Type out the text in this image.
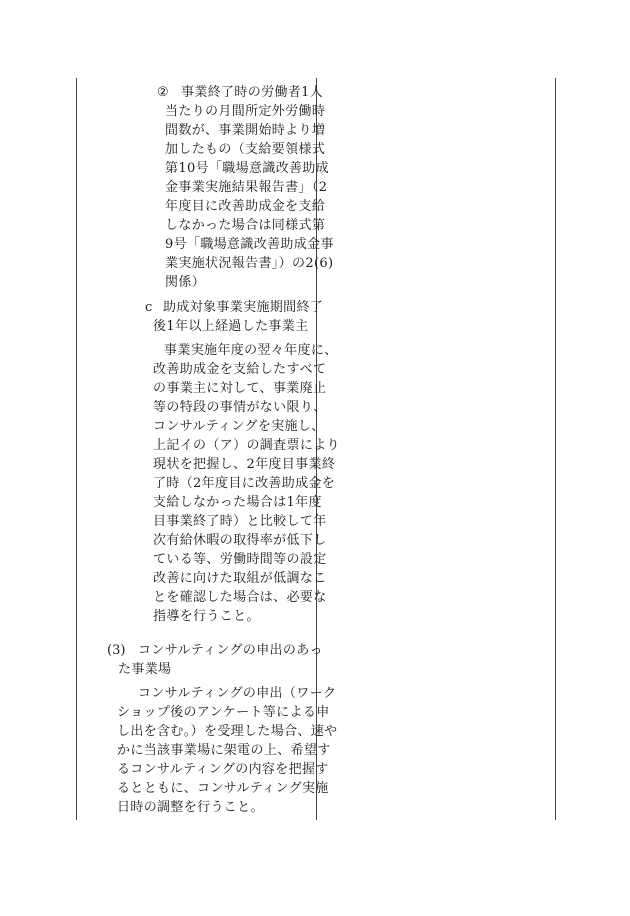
② 事業終了時の労働者1人
当たりの月間所定外労働時
間数が、事業開始時より増
加したもの（支給要領様式
第10号「職場意識改善助成
金事業実施結果報告書」（2
年度目に改善助成金を支給
しなかった場合は同様式第
9号「職場意識改善助成金事
業実施状況報告書」）の2(6)
関係）
c 助成対象事業実施期間終了
後1年以上経過した事業主
事業実施年度の翌々年度に、
改善助成金を支給したすべて
の事業主に対して、事業廃止
等の特段の事情がない限り、
コンサルティングを実施し、
上記イの（ア）の調査票により
現状を把握し、2年度目事業終
了時（2年度目に改善助成金を
支給しなかった場合は1年度
目事業終了時）と比較して年
次有給休暇の取得率が低下し
ている等、労働時間等の設定
改善に向けた取組が低調なこ
とを確認した場合は、必要な
指導を行うこと。
(3) コンサルティングの申出のあっ
た事業場
コンサルティングの申出（ワーク
ショップ後のアンケート等による申
し出を含む。）を受理した場合、速や
かに当該事業場に架電の上、希望す
るコンサルティングの内容を把握す
るとともに、コンサルティング実施
日時の調整を行うこと。
